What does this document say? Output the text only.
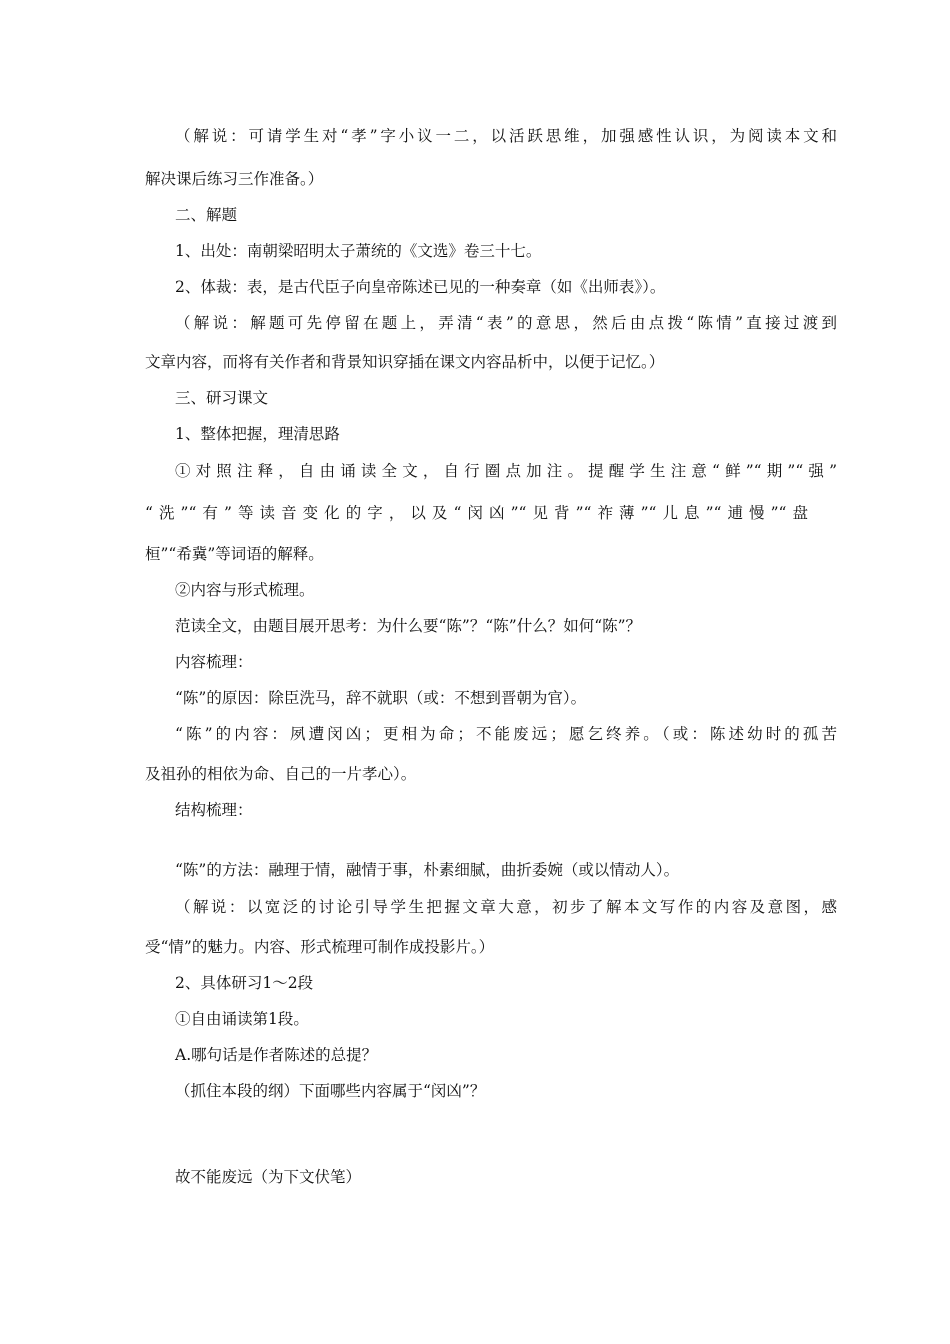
（解说：可请学生对“孝”字小议一二，以活跃思维，加强感性认识，为阅读本文和
解决课后练习三作准备。）
二、解题
1、出处：南朝梁昭明太子萧统的《文选》卷三十七。
2、体裁：表，是古代臣子向皇帝陈述已见的一种奏章（如《出师表》）。
（解说：解题可先停留在题上，弄清“表”的意思，然后由点拨“陈情”直接过渡到
文章内容，而将有关作者和背景知识穿插在课文内容品析中，以便于记忆。）
三、研习课文
1、整体把握，理清思路
①对照注释，自由诵读全文，自行圈点加注。提醒学生注意“鲜”“期”“强”
“洗”“有”等读音变化的字，以及“闵凶”“见背”“祚薄”“儿息”“逋慢”“盘
桓”“希冀”等词语的解释。
②内容与形式梳理。
范读全文，由题目展开思考：为什么要“陈”？“陈”什么？如何“陈”？
内容梳理：
“陈”的原因：除臣洗马，辞不就职（或：不想到晋朝为官）。
“陈”的内容：夙遭闵凶；更相为命；不能废远；愿乞终养。（或：陈述幼时的孤苦
及祖孙的相依为命、自己的一片孝心）。
结构梳理：
“陈”的方法：融理于情，融情于事，朴素细腻，曲折委婉（或以情动人）。
（解说：以宽泛的讨论引导学生把握文章大意，初步了解本文写作的内容及意图，感
受“情”的魅力。内容、形式梳理可制作成投影片。）
2、具体研习1～2段
①自由诵读第1段。
A.哪句话是作者陈述的总提？
（抓住本段的纲）下面哪些内容属于“闵凶”？
故不能废远（为下文伏笔）
